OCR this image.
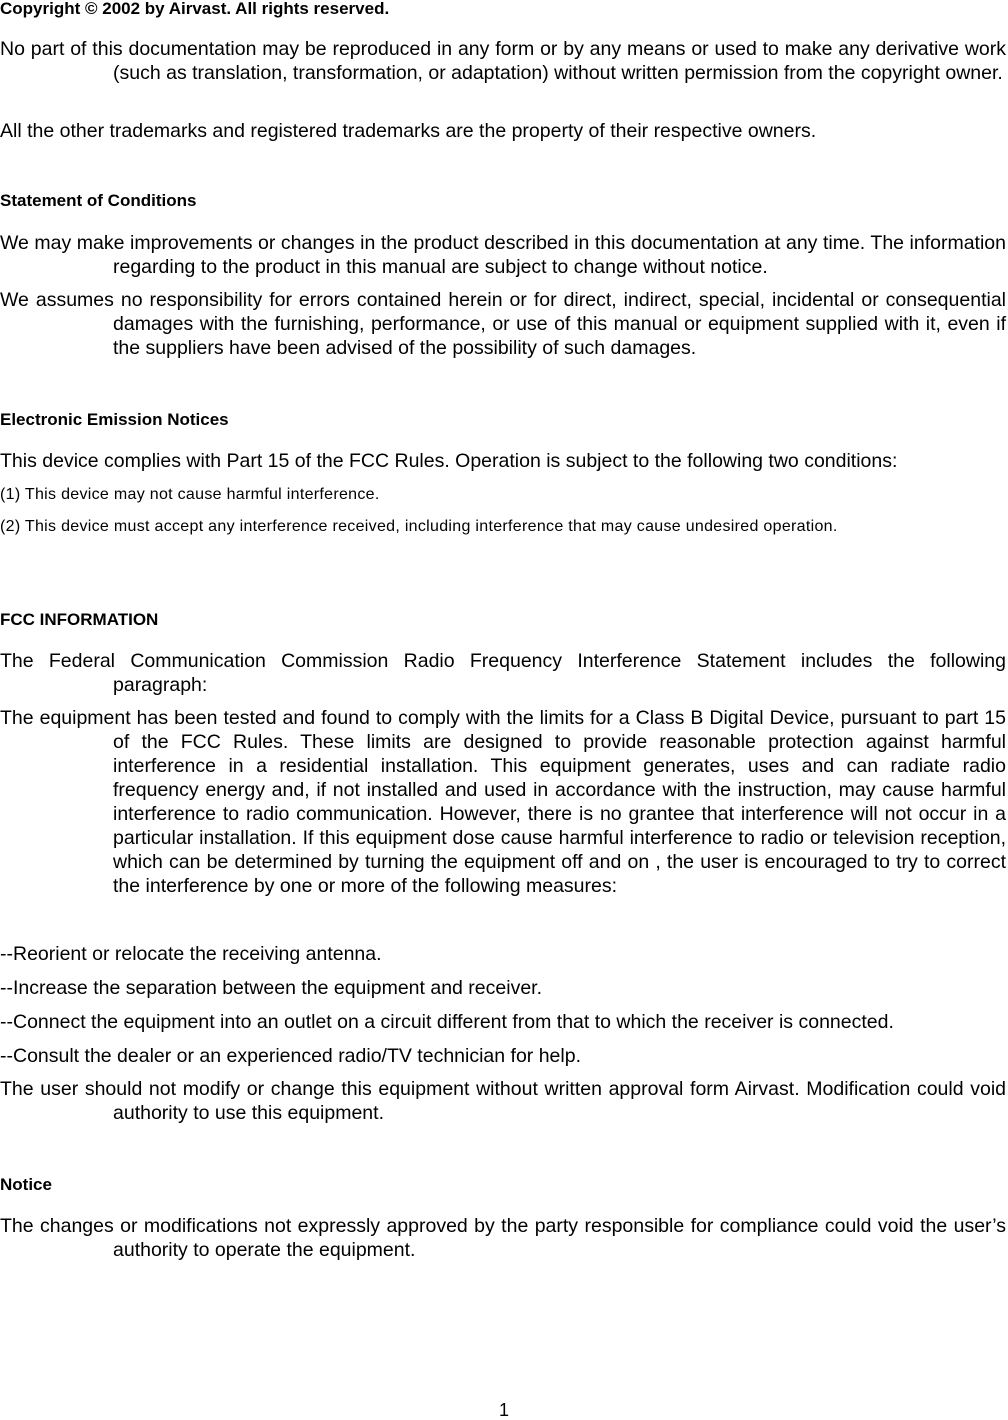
Copyright © 2002 by Airvast. All rights reserved.

No part of this documentation may be reproduced in any form or by any means or used to make any derivative work (such as translation, transformation, or adaptation) without written permission from the copyright owner.

All the other trademarks and registered trademarks are the property of their respective owners.

Statement of Conditions

We may make improvements or changes in the product described in this documentation at any time. The information regarding to the product in this manual are subject to change without notice.

We assumes no responsibility for errors contained herein or for direct, indirect, special, incidental or consequential damages with the furnishing, performance, or use of this manual or equipment supplied with it, even if the suppliers have been advised of the possibility of such damages.

Electronic Emission Notices

This device complies with Part 15 of the FCC Rules. Operation is subject to the following two conditions:

(1) This device may not cause harmful interference.

(2) This device must accept any interference received, including interference that may cause undesired operation.

FCC INFORMATION

The Federal Communication Commission Radio Frequency Interference Statement includes the following paragraph:

The equipment has been tested and found to comply with the limits for a Class B Digital Device, pursuant to part 15 of the FCC Rules. These limits are designed to provide reasonable protection against harmful interference in a residential installation. This equipment generates, uses and can radiate radio frequency energy and, if not installed and used in accordance with the instruction, may cause harmful interference to radio communication. However, there is no grantee that interference will not occur in a particular installation. If this equipment dose cause harmful interference to radio or television reception, which can be determined by turning the equipment off and on , the user is encouraged to try to correct the interference by one or more of the following measures:

--Reorient or relocate the receiving antenna.

--Increase the separation between the equipment and receiver.

--Connect the equipment into an outlet on a circuit different from that to which the receiver is connected.

--Consult the dealer or an experienced radio/TV technician for help.

The user should not modify or change this equipment without written approval form Airvast. Modification could void authority to use this equipment.

Notice

The changes or modifications not expressly approved by the party responsible for compliance could void the user’s authority to operate the equipment.

1
